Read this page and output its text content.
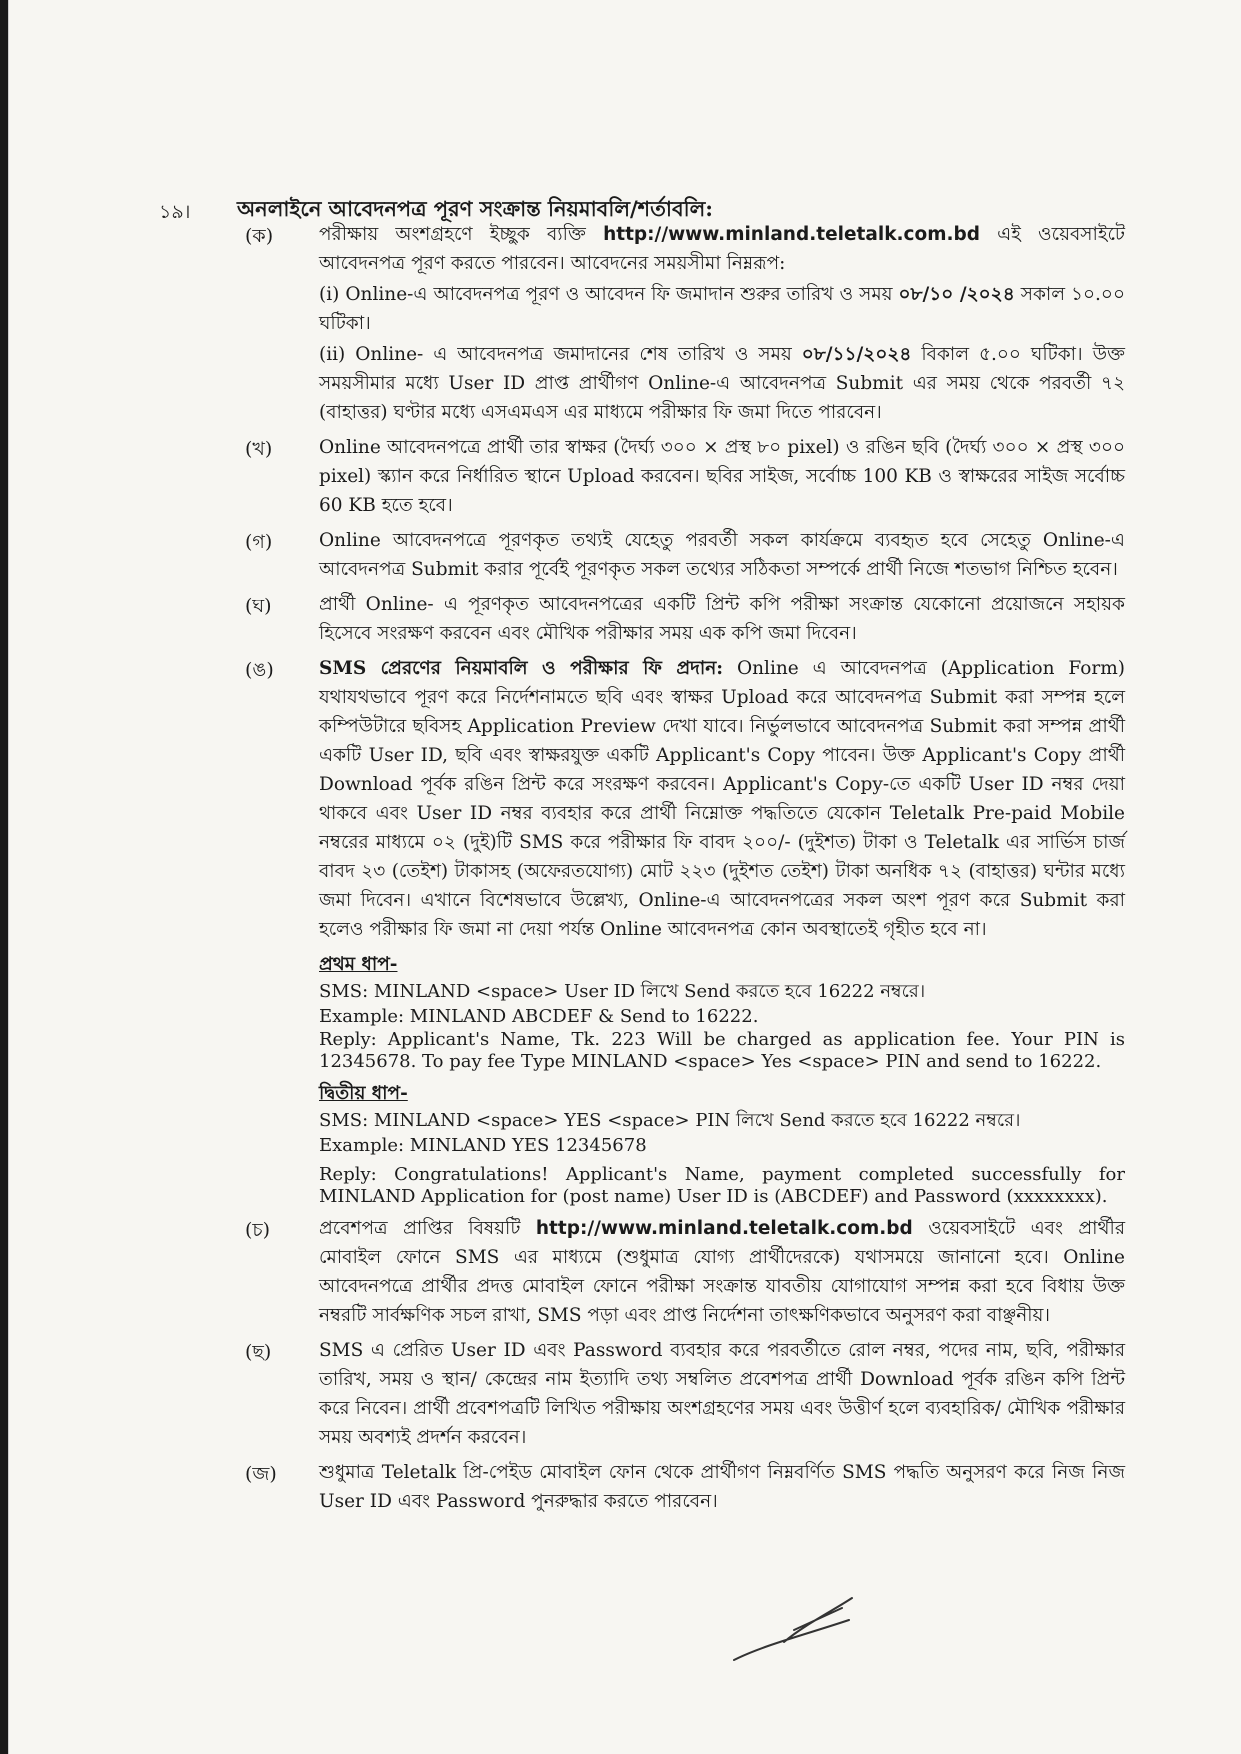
১৯। অনলাইনে আবেদনপত্র পূরণ সংক্রান্ত নিয়মাবলি/শর্তাবলি:
(ক)	পরীক্ষায় অংশগ্রহণে ইচ্ছুক ব্যক্তি http://www.minland.teletalk.com.bd এই ওয়েবসাইটে আবেদনপত্র পূরণ করতে পারবেন। আবেদনের সময়সীমা নিম্নরূপ:
(i) Online-এ আবেদনপত্র পূরণ ও আবেদন ফি জমাদান শুরুর তারিখ ও সময় ০৮/১০ /২০২৪ সকাল ১০.০০ ঘটিকা।
(ii) Online- এ আবেদনপত্র জমাদানের শেষ তারিখ ও সময় ০৮/১১/২০২৪ বিকাল ৫.০০ ঘটিকা। উক্ত সময়সীমার মধ্যে User ID প্রাপ্ত প্রার্থীগণ Online-এ আবেদনপত্র Submit এর সময় থেকে পরবর্তী ৭২ (বাহাত্তর) ঘণ্টার মধ্যে এসএমএস এর মাধ্যমে পরীক্ষার ফি জমা দিতে পারবেন।
(খ)	Online আবেদনপত্রে প্রার্থী তার স্বাক্ষর (দৈর্ঘ্য ৩০০ × প্রস্থ ৮০ pixel) ও রঙিন ছবি (দৈর্ঘ্য ৩০০ × প্রস্থ ৩০০ pixel) স্ক্যান করে নির্ধারিত স্থানে Upload করবেন। ছবির সাইজ, সর্বোচ্চ 100 KB ও স্বাক্ষরের সাইজ সর্বোচ্চ 60 KB হতে হবে।
(গ)	Online আবেদনপত্রে পূরণকৃত তথ্যই যেহেতু পরবর্তী সকল কার্যক্রমে ব্যবহৃত হবে সেহেতু Online-এ আবেদনপত্র Submit করার পূর্বেই পূরণকৃত সকল তথ্যের সঠিকতা সম্পর্কে প্রার্থী নিজে শতভাগ নিশ্চিত হবেন।
(ঘ)	প্রার্থী Online- এ পূরণকৃত আবেদনপত্রের একটি প্রিন্ট কপি পরীক্ষা সংক্রান্ত যেকোনো প্রয়োজনে সহায়ক হিসেবে সংরক্ষণ করবেন এবং মৌখিক পরীক্ষার সময় এক কপি জমা দিবেন।
(ঙ)	SMS প্রেরণের নিয়মাবলি ও পরীক্ষার ফি প্রদান: Online এ আবেদনপত্র (Application Form) যথাযথভাবে পূরণ করে নির্দেশনামতে ছবি এবং স্বাক্ষর Upload করে আবেদনপত্র Submit করা সম্পন্ন হলে কম্পিউটারে ছবিসহ Application Preview দেখা যাবে। নির্ভুলভাবে আবেদনপত্র Submit করা সম্পন্ন প্রার্থী একটি User ID, ছবি এবং স্বাক্ষরযুক্ত একটি Applicant's Copy পাবেন। উক্ত Applicant's Copy প্রার্থী Download পূর্বক রঙিন প্রিন্ট করে সংরক্ষণ করবেন। Applicant's Copy-তে একটি User ID নম্বর দেয়া থাকবে এবং User ID নম্বর ব্যবহার করে প্রার্থী নিম্নোক্ত পদ্ধতিতে যেকোন Teletalk Pre-paid Mobile নম্বরের মাধ্যমে ০২ (দুই)টি SMS করে পরীক্ষার ফি বাবদ ২০০/- (দুইশত) টাকা ও Teletalk এর সার্ভিস চার্জ বাবদ ২৩ (তেইশ) টাকাসহ (অফেরতযোগ্য) মোট ২২৩ (দুইশত তেইশ) টাকা অনধিক ৭২ (বাহাত্তর) ঘন্টার মধ্যে জমা দিবেন। এখানে বিশেষভাবে উল্লেখ্য, Online-এ আবেদনপত্রের সকল অংশ পূরণ করে Submit করা হলেও পরীক্ষার ফি জমা না দেয়া পর্যন্ত Online আবেদনপত্র কোন অবস্থাতেই গৃহীত হবে না।
প্রথম ধাপ-
SMS: MINLAND <space> User ID লিখে Send করতে হবে 16222 নম্বরে।
Example: MINLAND ABCDEF & Send to 16222.
Reply: Applicant's Name, Tk. 223 Will be charged as application fee. Your PIN is 12345678. To pay fee Type MINLAND <space> Yes <space> PIN and send to 16222.
দ্বিতীয় ধাপ-
SMS: MINLAND <space> YES <space> PIN লিখে Send করতে হবে 16222 নম্বরে।
Example: MINLAND YES 12345678
Reply: Congratulations! Applicant's Name, payment completed successfully for MINLAND Application for (post name) User ID is (ABCDEF) and Password (xxxxxxxx).
(চ)	প্রবেশপত্র প্রাপ্তির বিষয়টি http://www.minland.teletalk.com.bd ওয়েবসাইটে এবং প্রার্থীর মোবাইল ফোনে SMS এর মাধ্যমে (শুধুমাত্র যোগ্য প্রার্থীদেরকে) যথাসময়ে জানানো হবে। Online আবেদনপত্রে প্রার্থীর প্রদত্ত মোবাইল ফোনে পরীক্ষা সংক্রান্ত যাবতীয় যোগাযোগ সম্পন্ন করা হবে বিধায় উক্ত নম্বরটি সার্বক্ষণিক সচল রাখা, SMS পড়া এবং প্রাপ্ত নির্দেশনা তাৎক্ষণিকভাবে অনুসরণ করা বাঞ্ছনীয়।
(ছ)	SMS এ প্রেরিত User ID এবং Password ব্যবহার করে পরবর্তীতে রোল নম্বর, পদের নাম, ছবি, পরীক্ষার তারিখ, সময় ও স্থান/ কেন্দ্রের নাম ইত্যাদি তথ্য সম্বলিত প্রবেশপত্র প্রার্থী Download পূর্বক রঙিন কপি প্রিন্ট করে নিবেন। প্রার্থী প্রবেশপত্রটি লিখিত পরীক্ষায় অংশগ্রহণের সময় এবং উত্তীর্ণ হলে ব্যবহারিক/ মৌখিক পরীক্ষার সময় অবশ্যই প্রদর্শন করবেন।
(জ)	শুধুমাত্র Teletalk প্রি-পেইড মোবাইল ফোন থেকে প্রার্থীগণ নিম্নবর্ণিত SMS পদ্ধতি অনুসরণ করে নিজ নিজ User ID এবং Password পুনরুদ্ধার করতে পারবেন।
